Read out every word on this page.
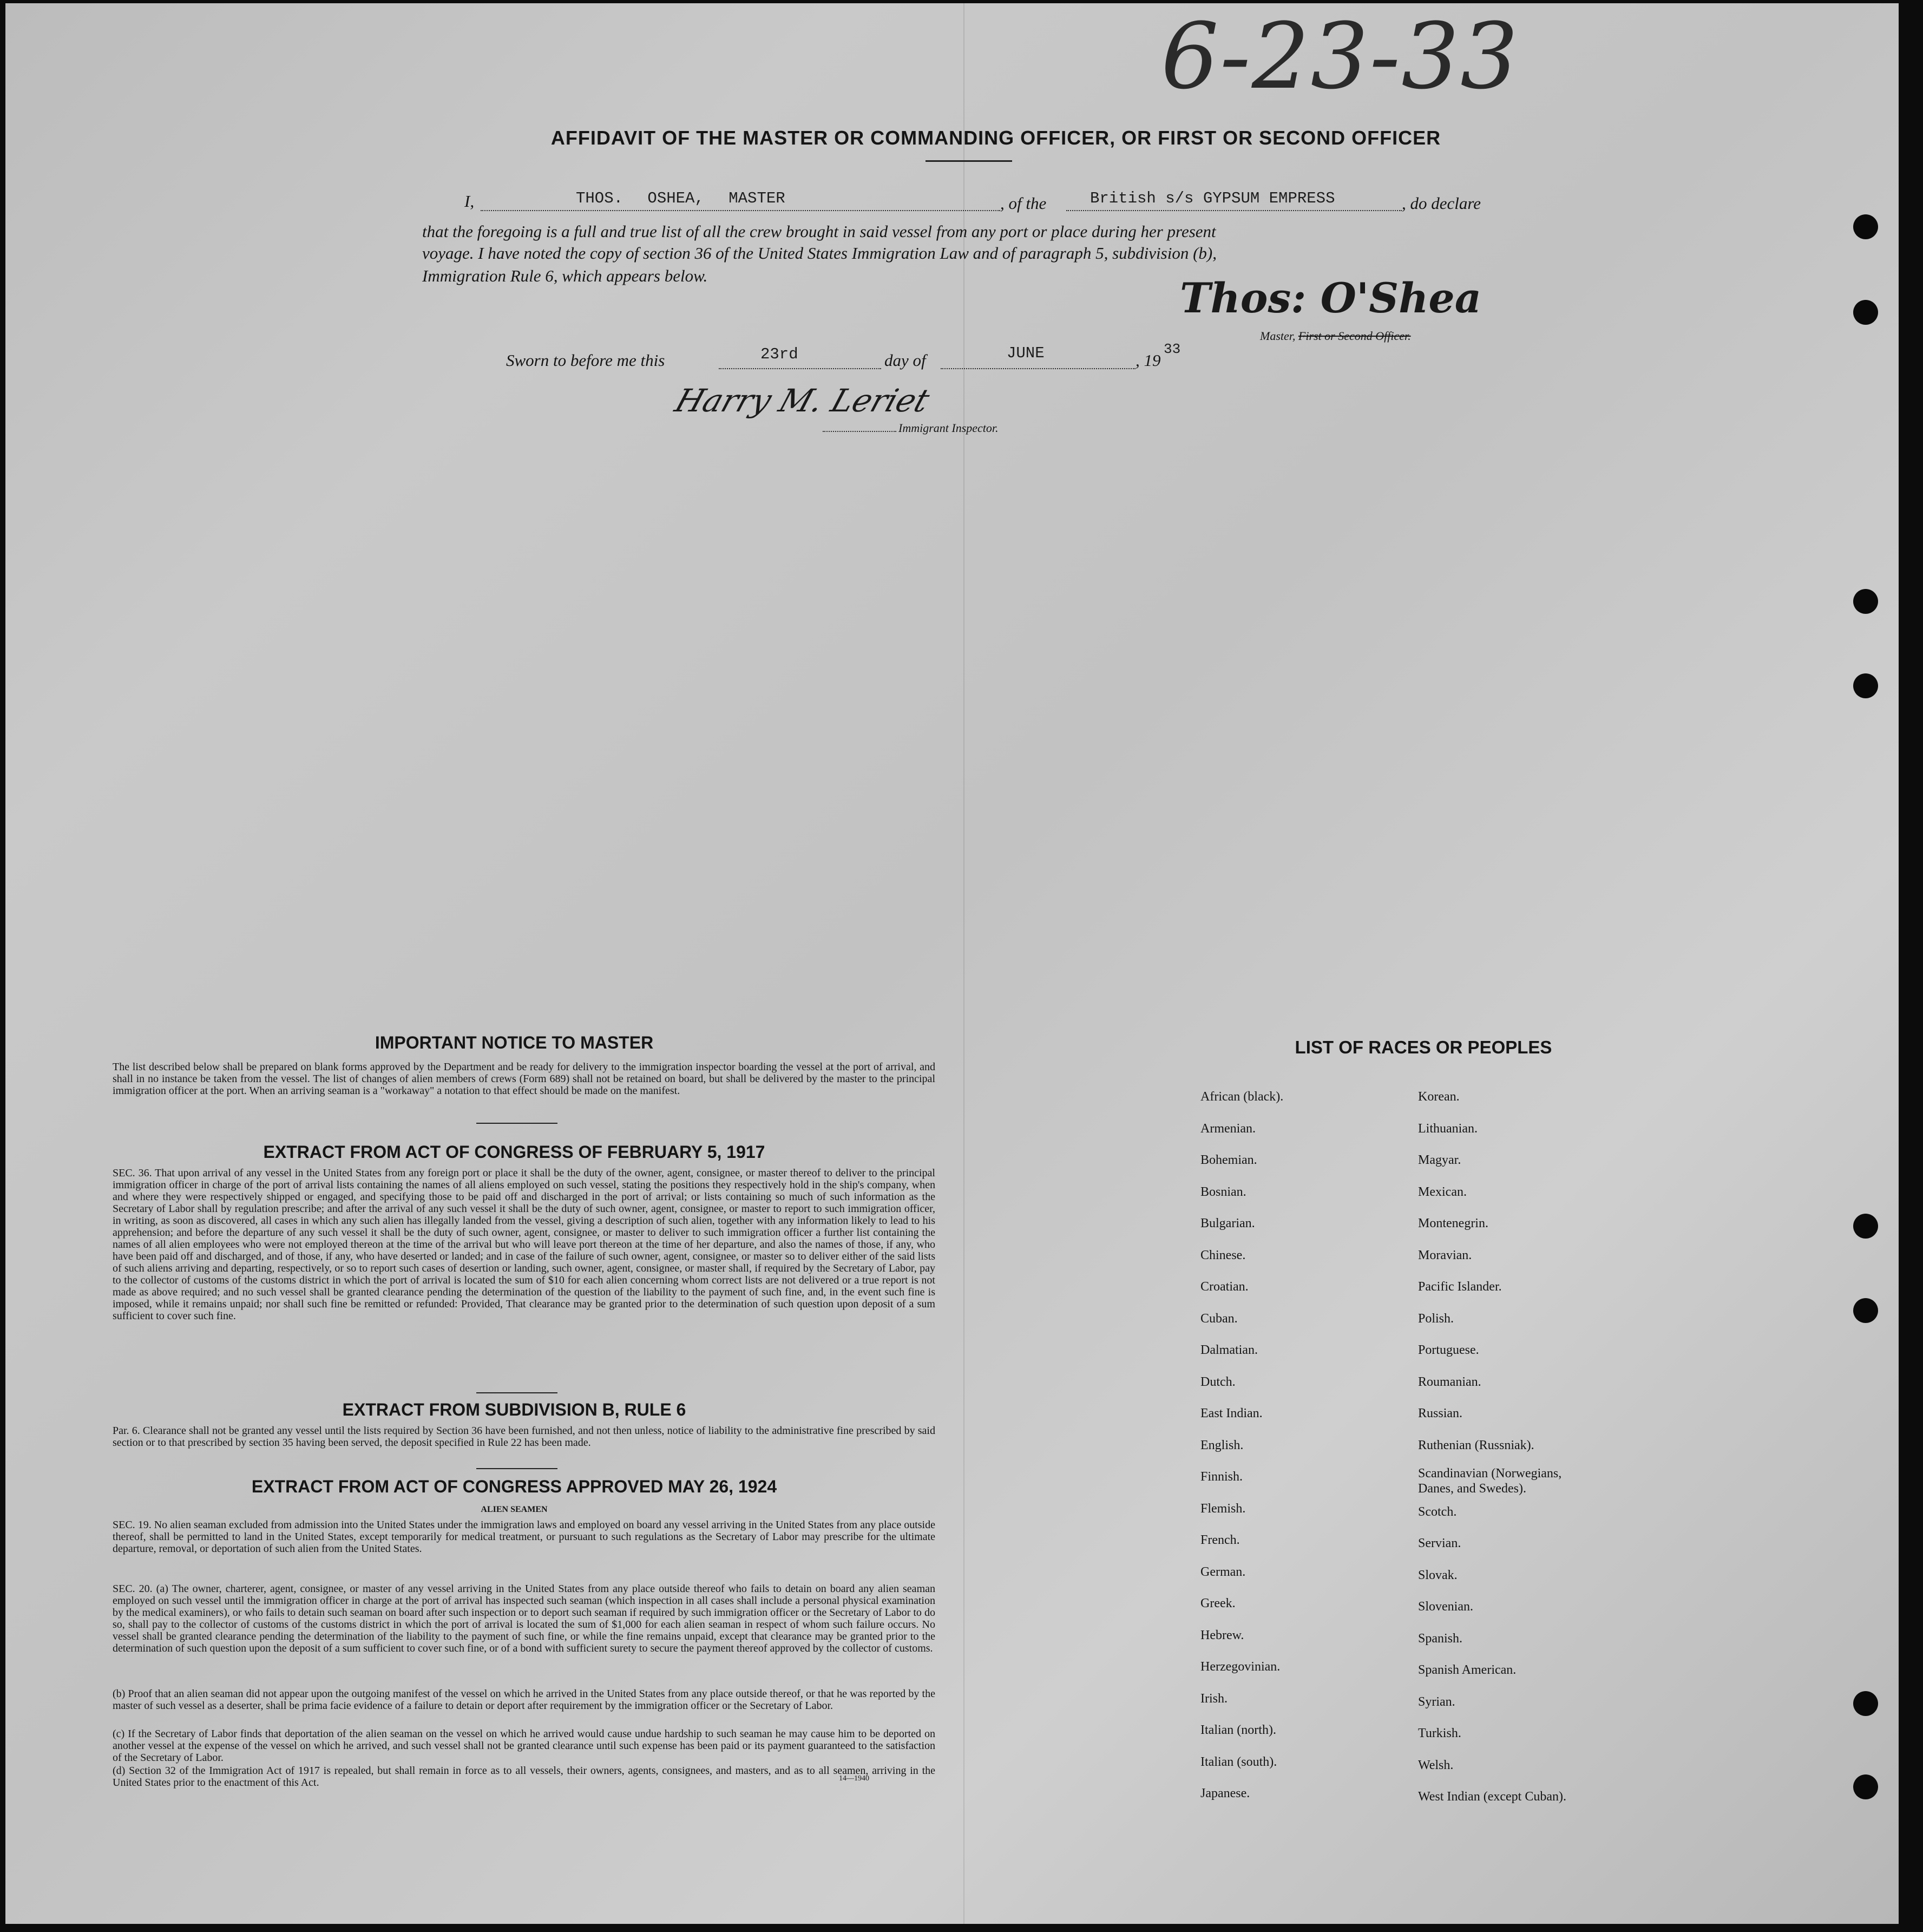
6-23-33
AFFIDAVIT OF THE MASTER OR COMMANDING OFFICER, OR FIRST OR SECOND OFFICER
I,	THOS. OSHEA, MASTER	, of the	British s/s GYPSUM EMPRESS	, do declare
that the foregoing is a full and true list of all the crew brought in said vessel from any port or place during her present
voyage. I have noted the copy of section 36 of the United States Immigration Law and of paragraph 5, subdivision (b),
Immigration Rule 6, which appears below.	Thos: O'Shea
Master, First or Second Officer.
Sworn to before me this	23rd	day of	JUNE	, 19
33
Harry M. Leriet
Immigrant Inspector.
IMPORTANT NOTICE TO MASTER
The list described below shall be prepared on blank forms approved by the Department and be ready for delivery to the immigration inspector boarding the vessel at the port of arrival, and shall in no instance be taken from the vessel. The list of changes of alien members of crews (Form 689) shall not be retained on board, but shall be delivered by the master to the principal immigration officer at the port. When an arriving seaman is a "workaway" a notation to that effect should be made on the manifest.
EXTRACT FROM ACT OF CONGRESS OF FEBRUARY 5, 1917
SEC. 36. That upon arrival of any vessel in the United States from any foreign port or place it shall be the duty of the owner, agent, consignee, or master thereof to deliver to the principal immigration officer in charge of the port of arrival lists containing the names of all aliens employed on such vessel, stating the positions they respectively hold in the ship's company, when and where they were respectively shipped or engaged, and specifying those to be paid off and discharged in the port of arrival; or lists containing so much of such information as the Secretary of Labor shall by regulation prescribe; and after the arrival of any such vessel it shall be the duty of such owner, agent, consignee, or master to report to such immigration officer, in writing, as soon as discovered, all cases in which any such alien has illegally landed from the vessel, giving a description of such alien, together with any information likely to lead to his apprehension; and before the departure of any such vessel it shall be the duty of such owner, agent, consignee, or master to deliver to such immigration officer a further list containing the names of all alien employees who were not employed thereon at the time of the arrival but who will leave port thereon at the time of her departure, and also the names of those, if any, who have been paid off and discharged, and of those, if any, who have deserted or landed; and in case of the failure of such owner, agent, consignee, or master so to deliver either of the said lists of such aliens arriving and departing, respectively, or so to report such cases of desertion or landing, such owner, agent, consignee, or master shall, if required by the Secretary of Labor, pay to the collector of customs of the customs district in which the port of arrival is located the sum of $10 for each alien concerning whom correct lists are not delivered or a true report is not made as above required; and no such vessel shall be granted clearance pending the determination of the question of the liability to the payment of such fine, and, in the event such fine is imposed, while it remains unpaid; nor shall such fine be remitted or refunded: Provided, That clearance may be granted prior to the determination of such question upon deposit of a sum sufficient to cover such fine.
EXTRACT FROM SUBDIVISION B, RULE 6
Par. 6. Clearance shall not be granted any vessel until the lists required by Section 36 have been furnished, and not then unless, notice of liability to the administrative fine prescribed by said section or to that prescribed by section 35 having been served, the deposit specified in Rule 22 has been made.
EXTRACT FROM ACT OF CONGRESS APPROVED MAY 26, 1924
ALIEN SEAMEN
SEC. 19. No alien seaman excluded from admission into the United States under the immigration laws and employed on board any vessel arriving in the United States from any place outside thereof, shall be permitted to land in the United States, except temporarily for medical treatment, or pursuant to such regulations as the Secretary of Labor may prescribe for the ultimate departure, removal, or deportation of such alien from the United States.
SEC. 20. (a) The owner, charterer, agent, consignee, or master of any vessel arriving in the United States from any place outside thereof who fails to detain on board any alien seaman employed on such vessel until the immigration officer in charge at the port of arrival has inspected such seaman (which inspection in all cases shall include a personal physical examination by the medical examiners), or who fails to detain such seaman on board after such inspection or to deport such seaman if required by such immigration officer or the Secretary of Labor to do so, shall pay to the collector of customs of the customs district in which the port of arrival is located the sum of $1,000 for each alien seaman in respect of whom such failure occurs. No vessel shall be granted clearance pending the determination of the liability to the payment of such fine, or while the fine remains unpaid, except that clearance may be granted prior to the determination of such question upon the deposit of a sum sufficient to cover such fine, or of a bond with sufficient surety to secure the payment thereof approved by the collector of customs.
(b) Proof that an alien seaman did not appear upon the outgoing manifest of the vessel on which he arrived in the United States from any place outside thereof, or that he was reported by the master of such vessel as a deserter, shall be prima facie evidence of a failure to detain or deport after requirement by the immigration officer or the Secretary of Labor.
(c) If the Secretary of Labor finds that deportation of the alien seaman on the vessel on which he arrived would cause undue hardship to such seaman he may cause him to be deported on another vessel at the expense of the vessel on which he arrived, and such vessel shall not be granted clearance until such expense has been paid or its payment guaranteed to the satisfaction of the Secretary of Labor.
(d) Section 32 of the Immigration Act of 1917 is repealed, but shall remain in force as to all vessels, their owners, agents, consignees, and masters, and as to all seamen, arriving in the United States prior to the enactment of this Act.	14—1940
LIST OF RACES OR PEOPLES
African (black).
Armenian.
Bohemian.
Bosnian.
Bulgarian.
Chinese.
Croatian.
Cuban.
Dalmatian.
Dutch.
East Indian.
English.
Finnish.
Flemish.
French.
German.
Greek.
Hebrew.
Herzegovinian.
Irish.
Italian (north).
Italian (south).
Japanese.
Korean.
Lithuanian.
Magyar.
Mexican.
Montenegrin.
Moravian.
Pacific Islander.
Polish.
Portuguese.
Roumanian.
Russian.
Ruthenian (Russniak).
Scandinavian (Norwegians,
Danes, and Swedes).
Scotch.
Servian.
Slovak.
Slovenian.
Spanish.
Spanish American.
Syrian.
Turkish.
Welsh.
West Indian (except Cuban).
